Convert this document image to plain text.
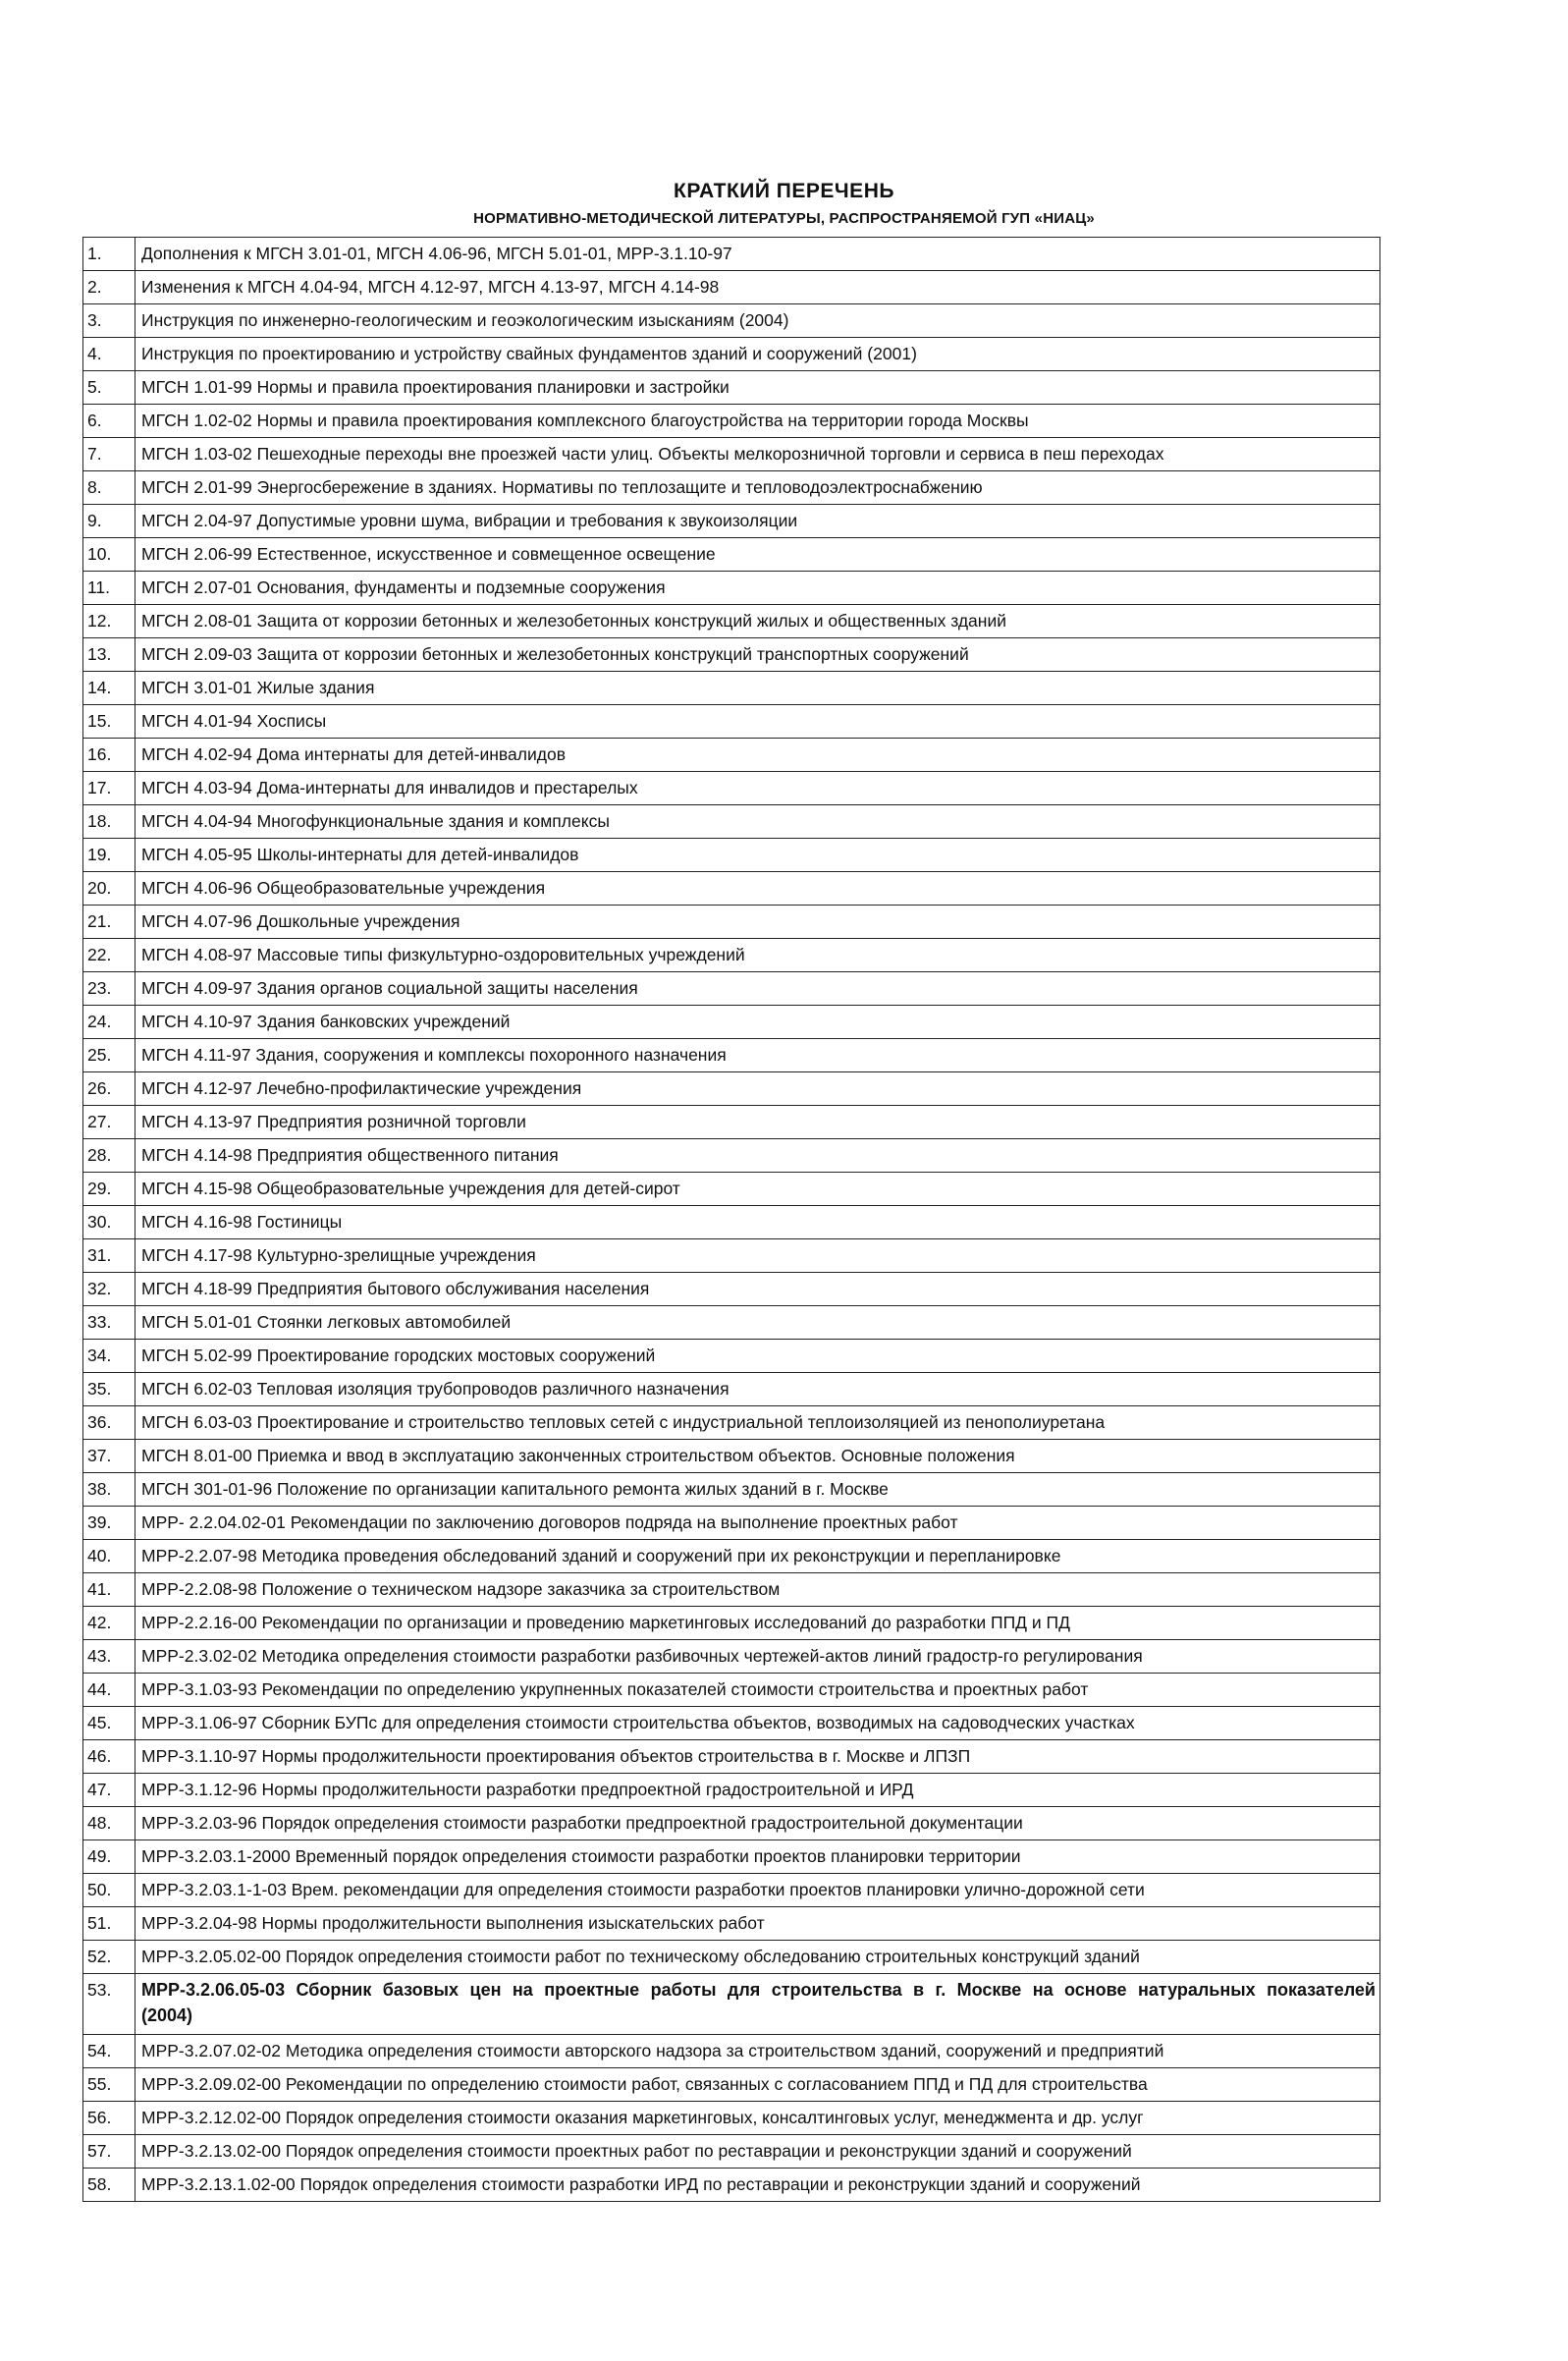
КРАТКИЙ ПЕРЕЧЕНЬ
НОРМАТИВНО-МЕТОДИЧЕСКОЙ ЛИТЕРАТУРЫ, РАСПРОСТРАНЯЕМОЙ ГУП «НИАЦ»
1.	Дополнения к МГСН 3.01-01, МГСН 4.06-96, МГСН 5.01-01, МРР-3.1.10-97
2.	Изменения к МГСН 4.04-94, МГСН 4.12-97, МГСН 4.13-97, МГСН 4.14-98
3.	Инструкция по инженерно-геологическим и геоэкологическим изысканиям (2004)
4.	Инструкция по проектированию и устройству свайных фундаментов зданий и сооружений (2001)
5.	МГСН 1.01-99 Нормы и правила проектирования планировки и застройки
6.	МГСН 1.02-02 Нормы и правила проектирования комплексного благоустройства на территории города Москвы
7.	МГСН 1.03-02 Пешеходные переходы вне проезжей части улиц. Объекты мелкорозничной торговли и сервиса в пеш переходах
8.	МГСН 2.01-99 Энергосбережение в зданиях. Нормативы по теплозащите и тепловодоэлектроснабжению
9.	МГСН 2.04-97 Допустимые уровни шума, вибрации и требования к звукоизоляции
10.	МГСН 2.06-99 Естественное, искусственное и совмещенное освещение
11.	МГСН 2.07-01 Основания, фундаменты и подземные сооружения
12.	МГСН 2.08-01 Защита от коррозии бетонных и железобетонных конструкций жилых и общественных зданий
13.	МГСН 2.09-03 Защита от коррозии бетонных и железобетонных конструкций транспортных сооружений
14.	МГСН 3.01-01 Жилые здания
15.	МГСН 4.01-94 Хосписы
16.	МГСН 4.02-94 Дома интернаты для детей-инвалидов
17.	МГСН 4.03-94 Дома-интернаты для инвалидов и престарелых
18.	МГСН 4.04-94 Многофункциональные здания и комплексы
19.	МГСН 4.05-95 Школы-интернаты для детей-инвалидов
20.	МГСН 4.06-96 Общеобразовательные учреждения
21.	МГСН 4.07-96 Дошкольные учреждения
22.	МГСН 4.08-97 Массовые типы физкультурно-оздоровительных учреждений
23.	МГСН 4.09-97 Здания органов социальной защиты населения
24.	МГСН 4.10-97 Здания банковских учреждений
25.	МГСН 4.11-97 Здания, сооружения и комплексы похоронного назначения
26.	МГСН 4.12-97 Лечебно-профилактические учреждения
27.	МГСН 4.13-97 Предприятия розничной торговли
28.	МГСН 4.14-98 Предприятия общественного питания
29.	МГСН 4.15-98 Общеобразовательные учреждения для детей-сирот
30.	МГСН 4.16-98 Гостиницы
31.	МГСН 4.17-98 Культурно-зрелищные учреждения
32.	МГСН 4.18-99 Предприятия бытового обслуживания населения
33.	МГСН 5.01-01 Стоянки легковых автомобилей
34.	МГСН 5.02-99 Проектирование городских мостовых сооружений
35.	МГСН 6.02-03 Тепловая изоляция трубопроводов различного назначения
36.	МГСН 6.03-03 Проектирование и строительство тепловых сетей с индустриальной теплоизоляцией из пенополиуретана
37.	МГСН 8.01-00 Приемка и ввод в эксплуатацию законченных строительством объектов. Основные положения
38.	МГСН 301-01-96 Положение по организации капитального ремонта жилых зданий в г. Москве
39.	МРР- 2.2.04.02-01 Рекомендации по заключению договоров подряда на выполнение проектных работ
40.	МРР-2.2.07-98 Методика проведения обследований зданий и сооружений при их реконструкции и перепланировке
41.	МРР-2.2.08-98 Положение о техническом надзоре заказчика за строительством
42.	МРР-2.2.16-00 Рекомендации по организации и проведению маркетинговых исследований до разработки ППД и ПД
43.	МРР-2.3.02-02 Методика определения стоимости разработки разбивочных чертежей-актов линий градостр-го регулирования
44.	МРР-3.1.03-93 Рекомендации по определению укрупненных показателей стоимости строительства и проектных работ
45.	МРР-3.1.06-97 Сборник БУПс для определения стоимости строительства объектов, возводимых на садоводческих участках
46.	МРР-3.1.10-97 Нормы продолжительности проектирования объектов строительства в г. Москве и ЛПЗП
47.	МРР-3.1.12-96 Нормы продолжительности разработки предпроектной градостроительной и ИРД
48.	МРР-3.2.03-96 Порядок определения стоимости разработки предпроектной градостроительной документации
49.	МРР-3.2.03.1-2000 Временный порядок определения стоимости разработки проектов планировки территории
50.	МРР-3.2.03.1-1-03 Врем. рекомендации для определения стоимости разработки проектов планировки улично-дорожной сети
51.	МРР-3.2.04-98 Нормы продолжительности выполнения изыскательских работ
52.	МРР-3.2.05.02-00 Порядок определения стоимости работ по техническому обследованию строительных конструкций зданий
53.	МРР-3.2.06.05-03 Сборник базовых цен на проектные работы для строительства в г. Москве на основе натуральных показателей (2004)
54.	МРР-3.2.07.02-02 Методика определения стоимости авторского надзора за строительством зданий, сооружений и предприятий
55.	МРР-3.2.09.02-00 Рекомендации по определению стоимости работ, связанных с согласованием ППД и ПД для строительства
56.	МРР-3.2.12.02-00 Порядок определения стоимости оказания маркетинговых, консалтинговых услуг, менеджмента и др. услуг
57.	МРР-3.2.13.02-00 Порядок определения стоимости проектных работ по реставрации и реконструкции зданий и сооружений
58.	МРР-3.2.13.1.02-00 Порядок определения стоимости разработки ИРД по реставрации и реконструкции зданий и сооружений
